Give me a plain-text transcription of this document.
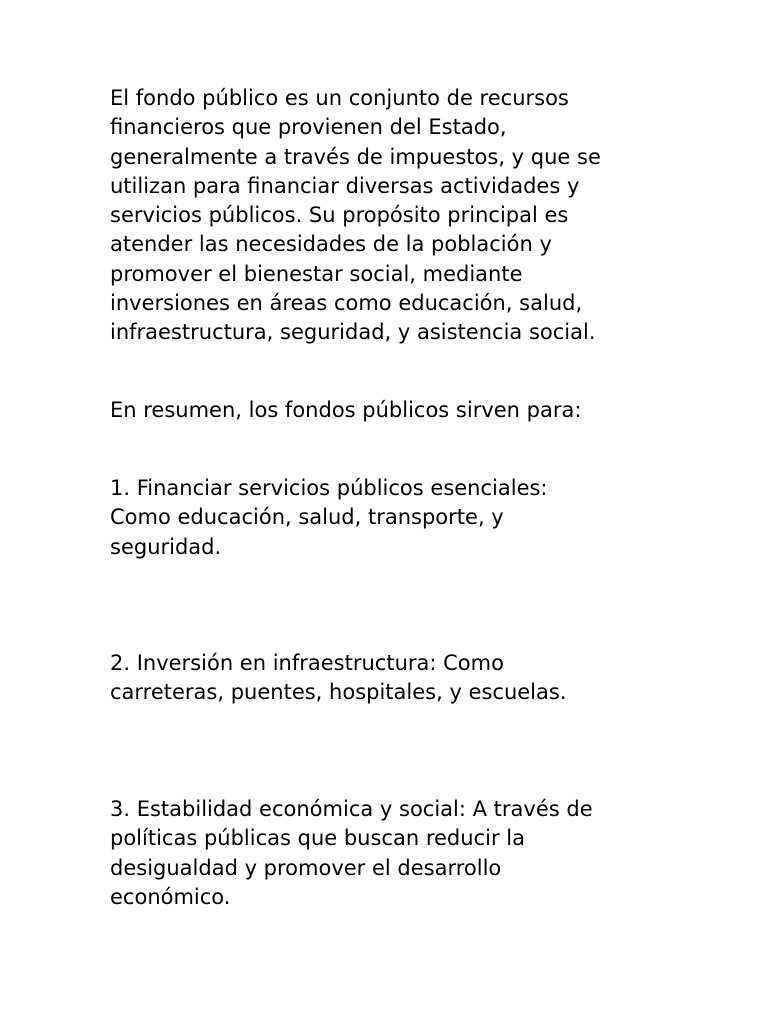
El fondo público es un conjunto de recursos
financieros que provienen del Estado,
generalmente a través de impuestos, y que se
utilizan para financiar diversas actividades y
servicios públicos. Su propósito principal es
atender las necesidades de la población y
promover el bienestar social, mediante
inversiones en áreas como educación, salud,
infraestructura, seguridad, y asistencia social.

En resumen, los fondos públicos sirven para:

1. Financiar servicios públicos esenciales:
Como educación, salud, transporte, y
seguridad.

2. Inversión en infraestructura: Como
carreteras, puentes, hospitales, y escuelas.

3. Estabilidad económica y social: A través de
políticas públicas que buscan reducir la
desigualdad y promover el desarrollo
económico.
